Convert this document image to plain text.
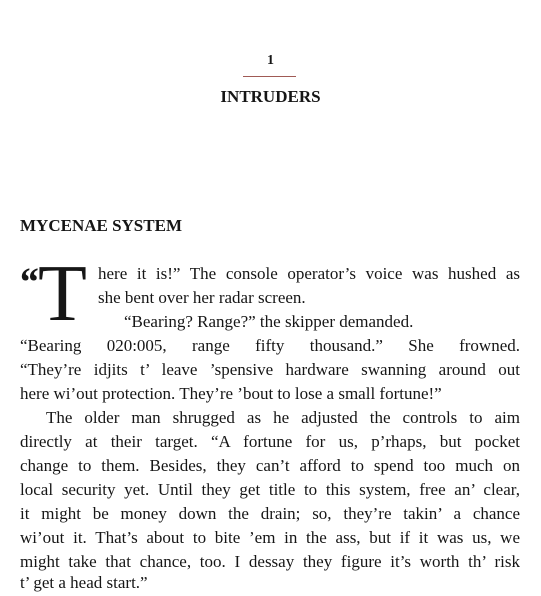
1
INTRUDERS
MYCENAE SYSTEM
“ T here it is!” The console operator’s voice was hushed as
she bent over her radar screen.
“Bearing? Range?” the skipper demanded.
“Bearing 020:005, range fifty thousand.” She frowned.
“They’re idjits t’ leave ’spensive hardware swanning around out
here wi’out protection. They’re ’bout to lose a small fortune!”
The older man shrugged as he adjusted the controls to aim
directly at their target. “A fortune for us, p’rhaps, but pocket
change to them. Besides, they can’t afford to spend too much on
local security yet. Until they get title to this system, free an’ clear,
it might be money down the drain; so, they’re takin’ a chance
wi’out it. That’s about to bite ’em in the ass, but if it was us, we
might take that chance, too. I dessay they figure it’s worth th’ risk
t’ get a head start.”
